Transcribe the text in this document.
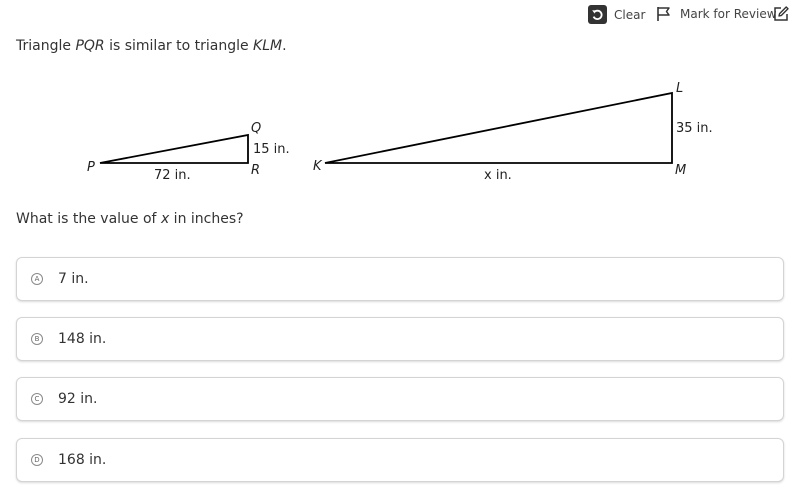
Clear	Mark for Review
Triangle PQR is similar to triangle KLM.
P
Q
R
72 in.
15 in.
K
L
M
x in.
35 in.
What is the value of x in inches?
A 7 in.
B 148 in.
C 92 in.
D 168 in.
